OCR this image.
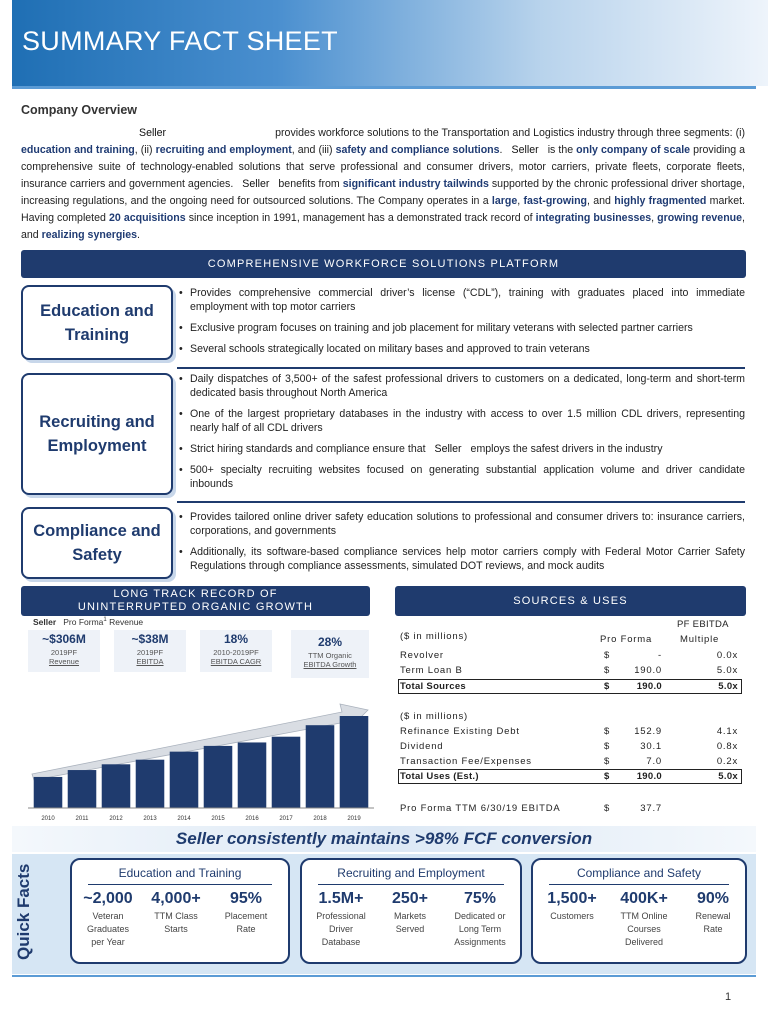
SUMMARY FACT SHEET
Company Overview
Seller	provides workforce solutions to the Transportation and Logistics industry through three segments: (i) education and training, (ii) recruiting and employment, and (iii) safety and compliance solutions. Seller is the only company of scale providing a comprehensive suite of technology-enabled solutions that serve professional and consumer drivers, motor carriers, private fleets, corporate fleets, insurance carriers and government agencies. Seller benefits from significant industry tailwinds supported by the chronic professional driver shortage, increasing regulations, and the ongoing need for outsourced solutions. The Company operates in a large, fast-growing, and highly fragmented market. Having completed 20 acquisitions since inception in 1991, management has a demonstrated track record of integrating businesses, growing revenue, and realizing synergies.
COMPREHENSIVE WORKFORCE SOLUTIONS PLATFORM
Education and Training
• Provides comprehensive commercial driver’s license (“CDL”), training with graduates placed into immediate employment with top motor carriers
• Exclusive program focuses on training and job placement for military veterans with selected partner carriers
• Several schools strategically located on military bases and approved to train veterans
Recruiting and Employment
• Daily dispatches of 3,500+ of the safest professional drivers to customers on a dedicated, long-term and short-term dedicated basis throughout North America
• One of the largest proprietary databases in the industry with access to over 1.5 million CDL drivers, representing nearly half of all CDL drivers
• Strict hiring standards and compliance ensure that Seller employs the safest drivers in the industry
• 500+ specialty recruiting websites focused on generating substantial application volume and driver candidate inbounds
Compliance and Safety
• Provides tailored online driver safety education solutions to professional and consumer drivers to: insurance carriers, corporations, and governments
• Additionally, its software-based compliance services help motor carriers comply with Federal Motor Carrier Safety Regulations through compliance assessments, simulated DOT reviews, and mock audits
LONG TRACK RECORD OF UNINTERRUPTED ORGANIC GROWTH
Seller Pro Forma$^1$ Revenue
~$306M
2019PF
Revenue
~$38M
2019PF
EBITDA
18%
2010-2019PF
EBITDA CAGR
28%
TTM Organic
EBITDA Growth
2010	2011	2012	2013	2014	2015	2016	2017	2018	2019
SOURCES & USES
PF EBITDA
($ in millions)	Pro Forma	Multiple
Revolver	$	-	0.0x
Term Loan B	$	190.0	5.0x
Total Sources	$	190.0	5.0x
($ in millions)
Refinance Existing Debt	$	152.9	4.1x
Dividend	$	30.1	0.8x
Transaction Fee/Expenses	$	7.0	0.2x
Total Uses (Est.)	$	190.0	5.0x
Pro Forma TTM 6/30/19 EBITDA	$	37.7
Seller consistently maintains >98% FCF conversion
Quick Facts	Education and Training
~2,000
Veteran Graduates per Year
4,000+
TTM Class Starts
95%
Placement Rate
Recruiting and Employment
1.5M+
Professional Driver Database
250+
Markets Served
75%
Dedicated or Long Term Assignments
Compliance and Safety
1,500+
Customers
400K+
TTM Online Courses Delivered
90%
Renewal Rate
1
